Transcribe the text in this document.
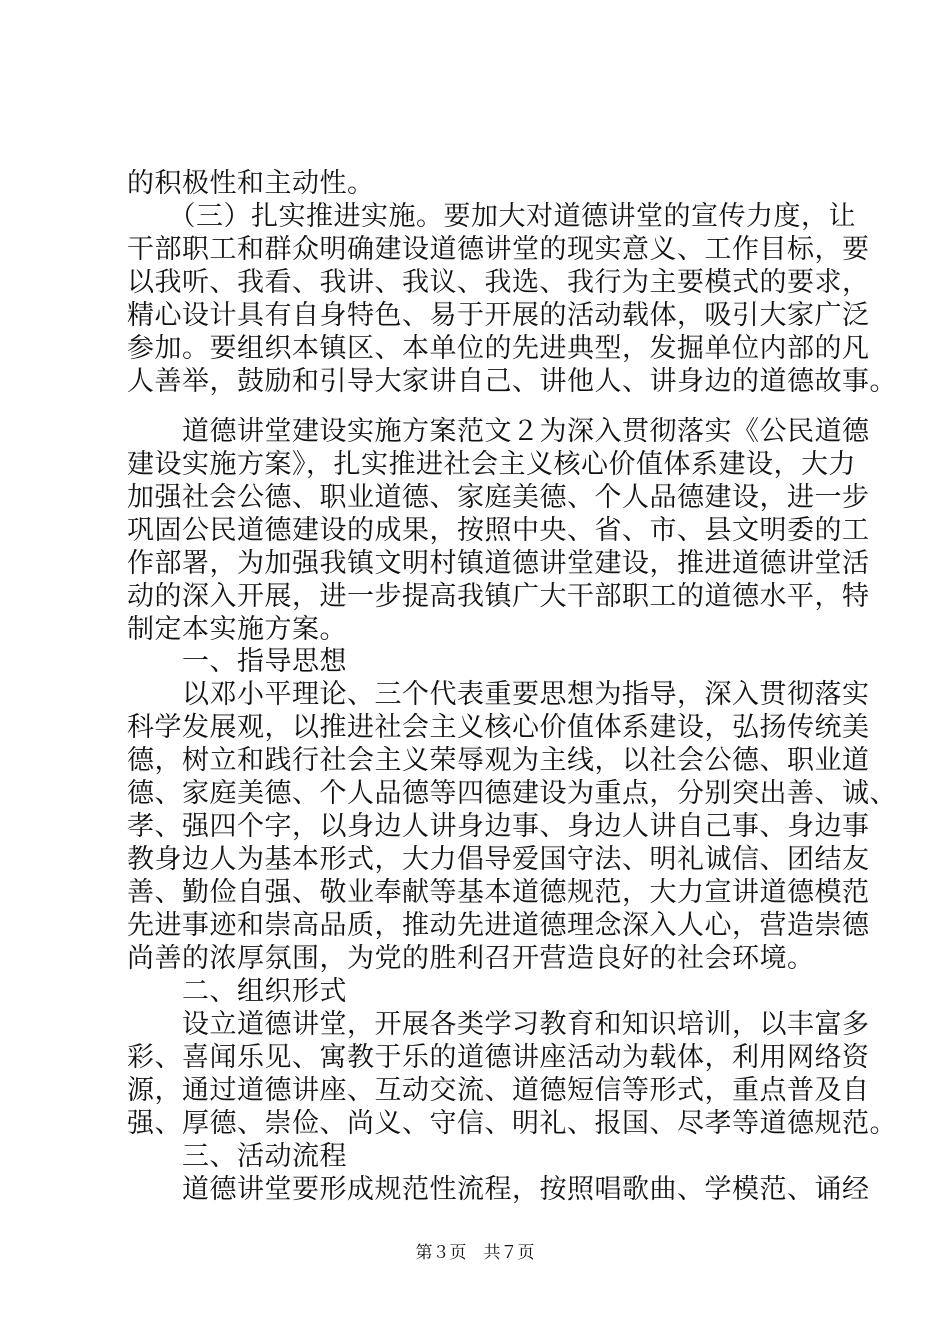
的积极性和主动性。
　　（三）扎实推进实施。要加大对道德讲堂的宣传力度，让
干部职工和群众明确建设道德讲堂的现实意义、工作目标，要
以我听、我看、我讲、我议、我选、我行为主要模式的要求，
精心设计具有自身特色、易于开展的活动载体，吸引大家广泛
参加。要组织本镇区、本单位的先进典型，发掘单位内部的凡
人善举，鼓励和引导大家讲自己、讲他人、讲身边的道德故事。
　　道德讲堂建设实施方案范文２为深入贯彻落实《公民道德
建设实施方案》，扎实推进社会主义核心价值体系建设，大力
加强社会公德、职业道德、家庭美德、个人品德建设，进一步
巩固公民道德建设的成果，按照中央、省、市、县文明委的工
作部署，为加强我镇文明村镇道德讲堂建设，推进道德讲堂活
动的深入开展，进一步提高我镇广大干部职工的道德水平，特
制定本实施方案。
　　一、指导思想
　　以邓小平理论、三个代表重要思想为指导，深入贯彻落实
科学发展观，以推进社会主义核心价值体系建设，弘扬传统美
德，树立和践行社会主义荣辱观为主线，以社会公德、职业道
德、家庭美德、个人品德等四德建设为重点，分别突出善、诚、
孝、强四个字，以身边人讲身边事、身边人讲自己事、身边事
教身边人为基本形式，大力倡导爱国守法、明礼诚信、团结友
善、勤俭自强、敬业奉献等基本道德规范，大力宣讲道德模范
先进事迹和崇高品质，推动先进道德理念深入人心，营造崇德
尚善的浓厚氛围，为党的胜利召开营造良好的社会环境。
　　二、组织形式
　　设立道德讲堂，开展各类学习教育和知识培训，以丰富多
彩、喜闻乐见、寓教于乐的道德讲座活动为载体，利用网络资
源，通过道德讲座、互动交流、道德短信等形式，重点普及自
强、厚德、崇俭、尚义、守信、明礼、报国、尽孝等道德规范。
　　三、活动流程
　　道德讲堂要形成规范性流程，按照唱歌曲、学模范、诵经
第３页　共７页
